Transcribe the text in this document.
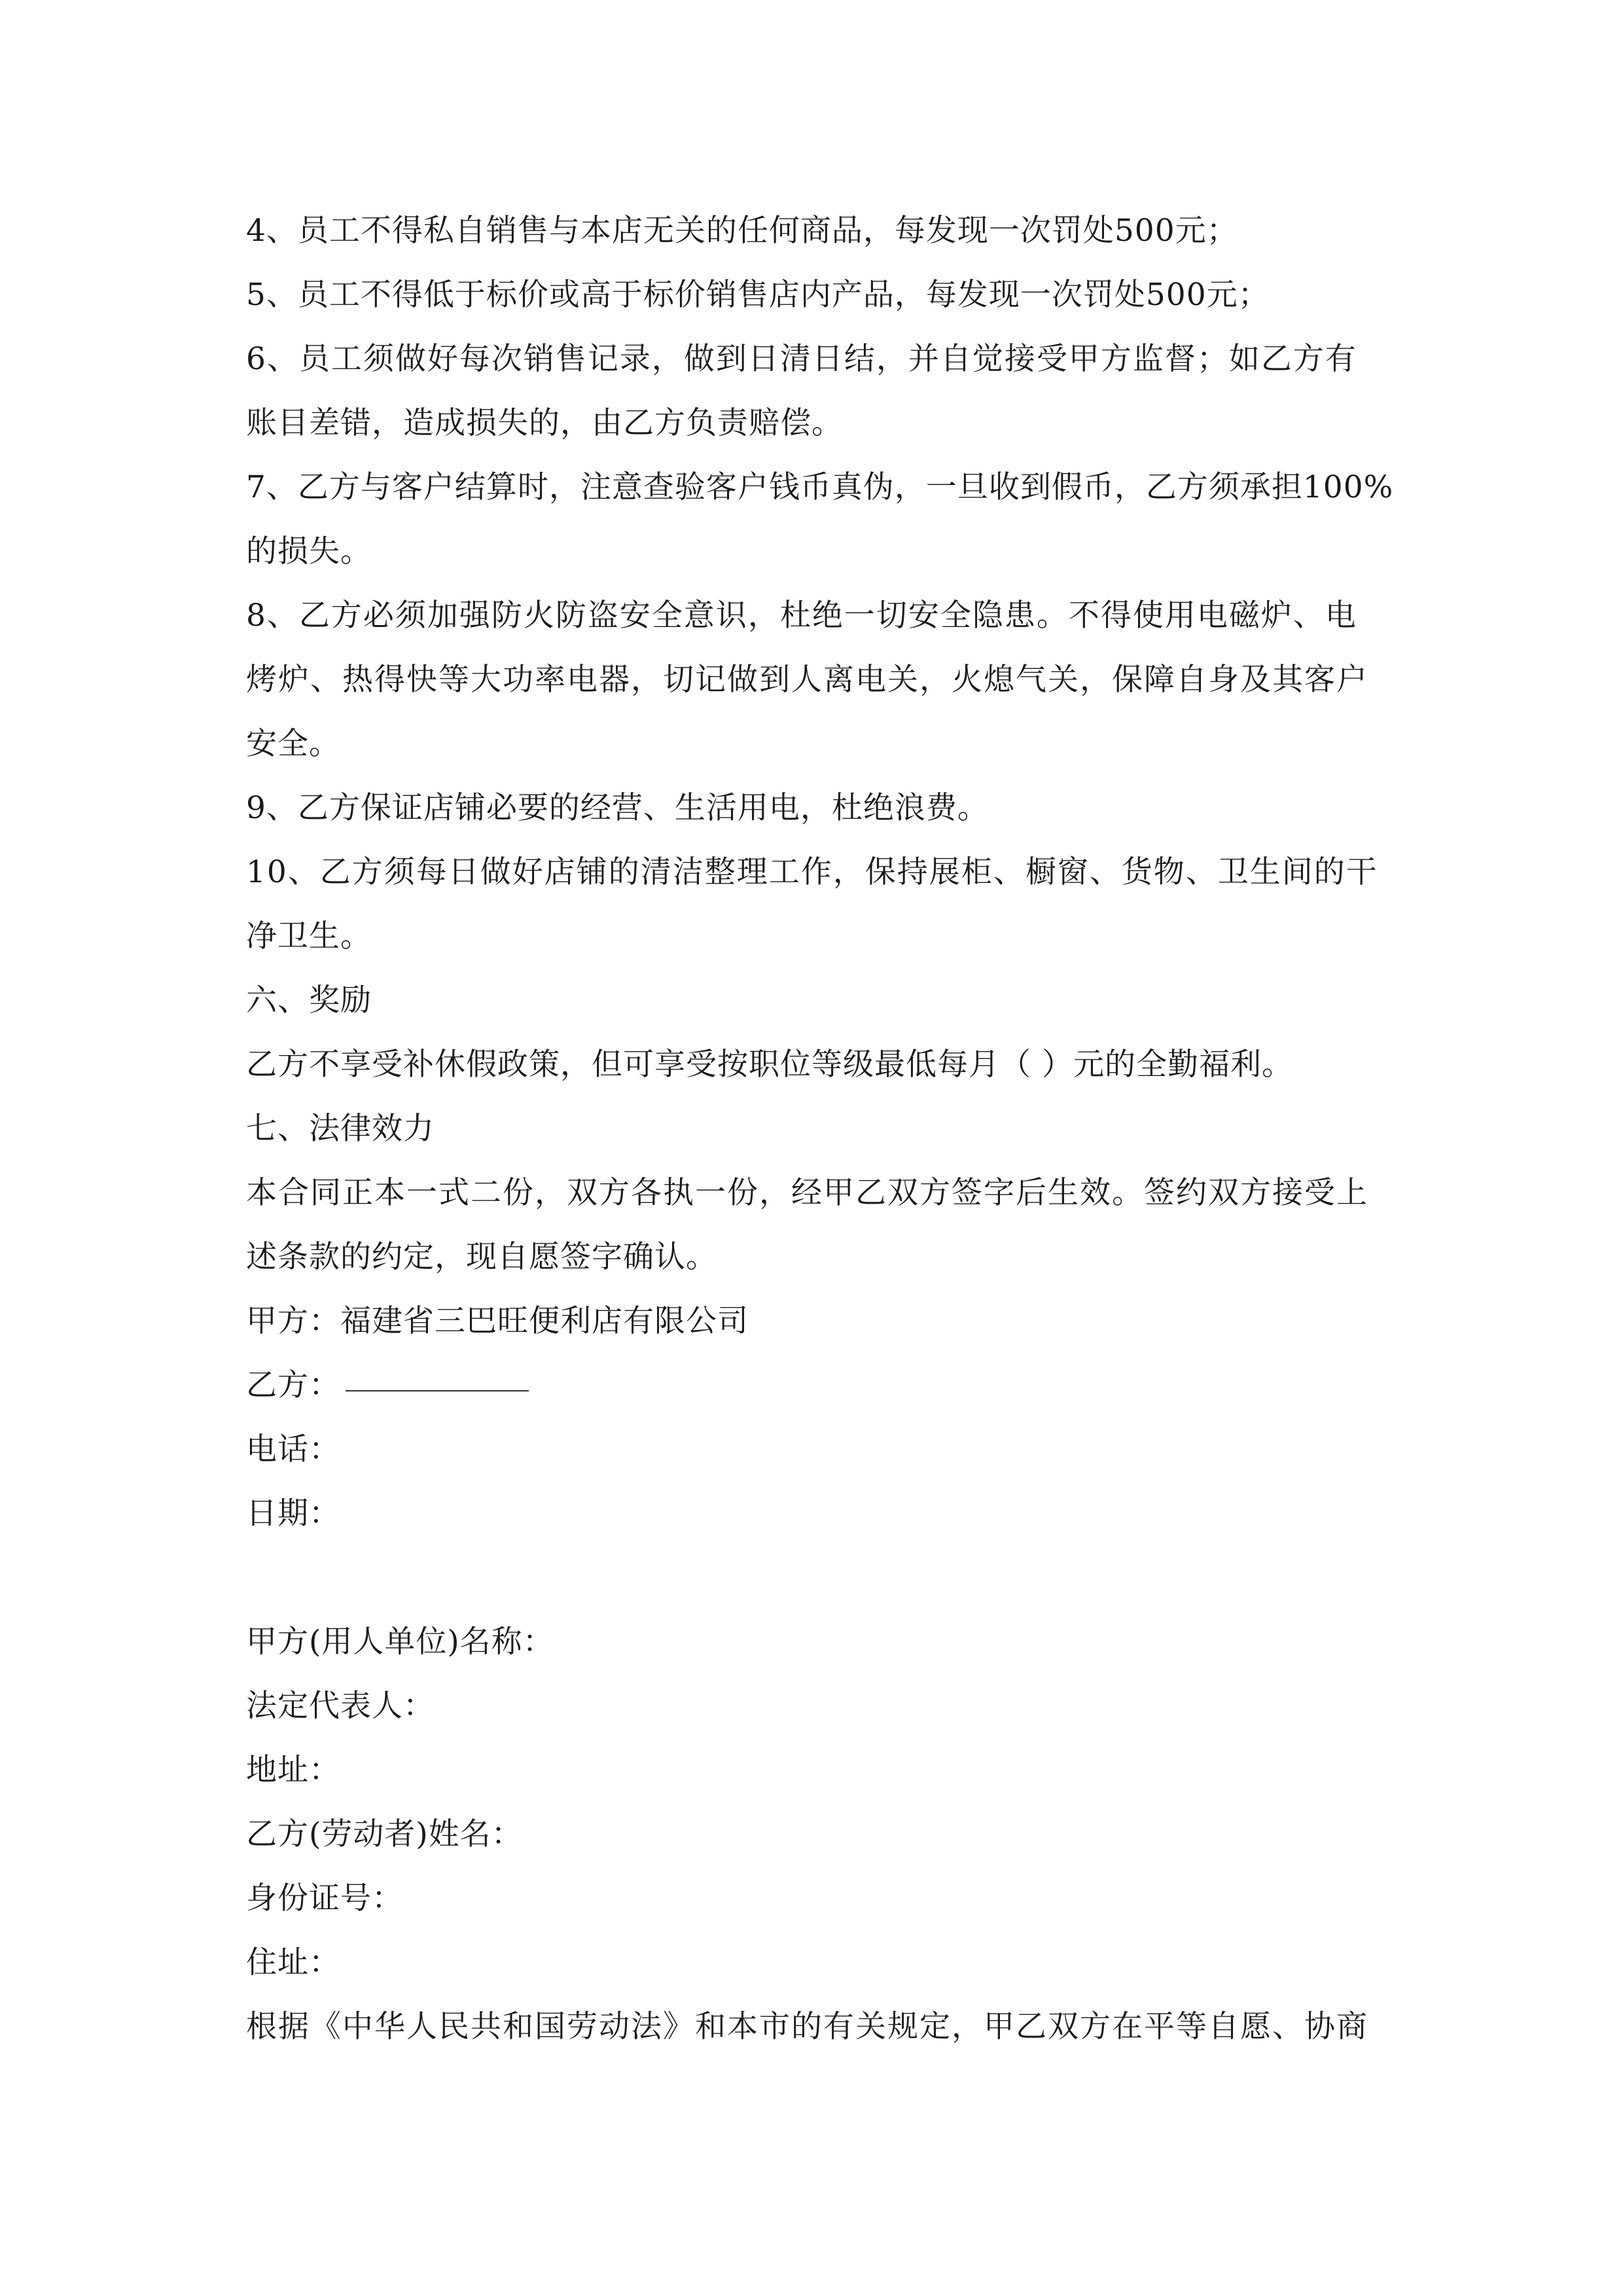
4、员工不得私自销售与本店无关的任何商品，每发现一次罚处500元；
5、员工不得低于标价或高于标价销售店内产品，每发现一次罚处500元；
6、员工须做好每次销售记录，做到日清日结，并自觉接受甲方监督；如乙方有
账目差错，造成损失的，由乙方负责赔偿。
7、乙方与客户结算时，注意查验客户钱币真伪，一旦收到假币，乙方须承担100%
的损失。
8、乙方必须加强防火防盗安全意识，杜绝一切安全隐患。不得使用电磁炉、电
烤炉、热得快等大功率电器，切记做到人离电关，火熄气关，保障自身及其客户
安全。
9、乙方保证店铺必要的经营、生活用电，杜绝浪费。
10、乙方须每日做好店铺的清洁整理工作，保持展柜、橱窗、货物、卫生间的干
净卫生。
六、奖励
乙方不享受补休假政策，但可享受按职位等级最低每月（ ）元的全勤福利。
七、法律效力
本合同正本一式二份，双方各执一份，经甲乙双方签字后生效。签约双方接受上
述条款的约定，现自愿签字确认。
甲方：福建省三巴旺便利店有限公司
乙方：
电话：
日期：
甲方(用人单位)名称：
法定代表人：
地址：
乙方(劳动者)姓名：
身份证号：
住址：
根据《中华人民共和国劳动法》和本市的有关规定，甲乙双方在平等自愿、协商
